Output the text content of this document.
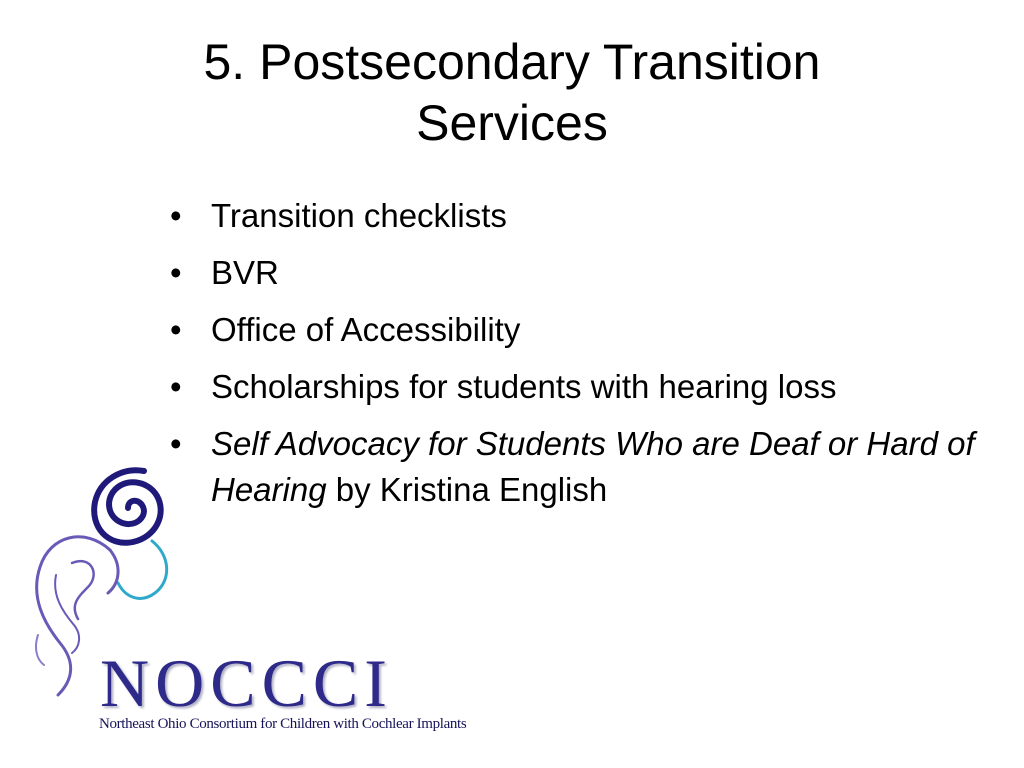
5. Postsecondary Transition
Services
• Transition checklists
• BVR
• Office of Accessibility
• Scholarships for students with hearing loss
• Self Advocacy for Students Who are Deaf or Hard of Hearing by Kristina English

NOCCCI

Northeast Ohio Consortium for Children with Cochlear Implants
